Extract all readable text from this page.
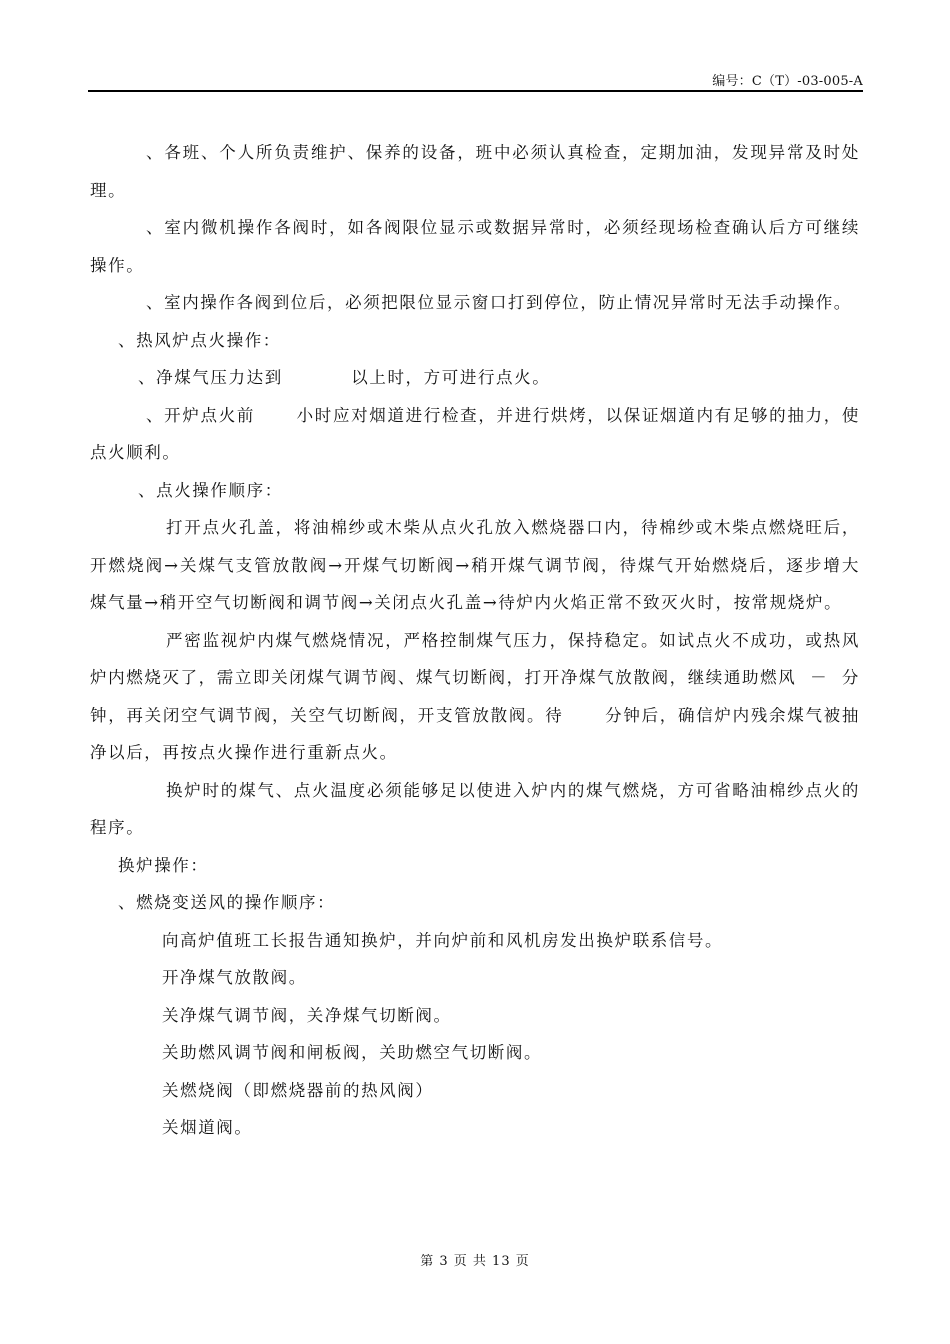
编号：C（T）-03-005-A

、各班、个人所负责维护、保养的设备，班中必须认真检查，定期加油，发现异常及时处理。

、室内微机操作各阀时，如各阀限位显示或数据异常时，必须经现场检查确认后方可继续操作。

、室内操作各阀到位后，必须把限位显示窗口打到停位，防止情况异常时无法手动操作。

、热风炉点火操作：

、净煤气压力达到          以上时，方可进行点火。

、开炉点火前      小时应对烟道进行检查，并进行烘烤，以保证烟道内有足够的抽力，使点火顺利。

、点火操作顺序：

打开点火孔盖，将油棉纱或木柴从点火孔放入燃烧器口内，待棉纱或木柴点燃烧旺后，开燃烧阀→关煤气支管放散阀→开煤气切断阀→稍开煤气调节阀，待煤气开始燃烧后，逐步增大煤气量→稍开空气切断阀和调节阀→关闭点火孔盖→待炉内火焰正常不致灭火时，按常规烧炉。

严密监视炉内煤气燃烧情况，严格控制煤气压力，保持稳定。如试点火不成功，或热风炉内燃烧灭了，需立即关闭煤气调节阀、煤气切断阀，打开净煤气放散阀，继续通助燃风  －  分钟，再关闭空气调节阀，关空气切断阀，开支管放散阀。待      分钟后，确信炉内残余煤气被抽净以后，再按点火操作进行重新点火。

换炉时的煤气、点火温度必须能够足以使进入炉内的煤气燃烧，方可省略油棉纱点火的程序。

换炉操作：

、燃烧变送风的操作顺序：

向高炉值班工长报告通知换炉，并向炉前和风机房发出换炉联系信号。

开净煤气放散阀。

关净煤气调节阀，关净煤气切断阀。

关助燃风调节阀和闸板阀，关助燃空气切断阀。

关燃烧阀（即燃烧器前的热风阀）

关烟道阀。

第 3 页 共 13 页
